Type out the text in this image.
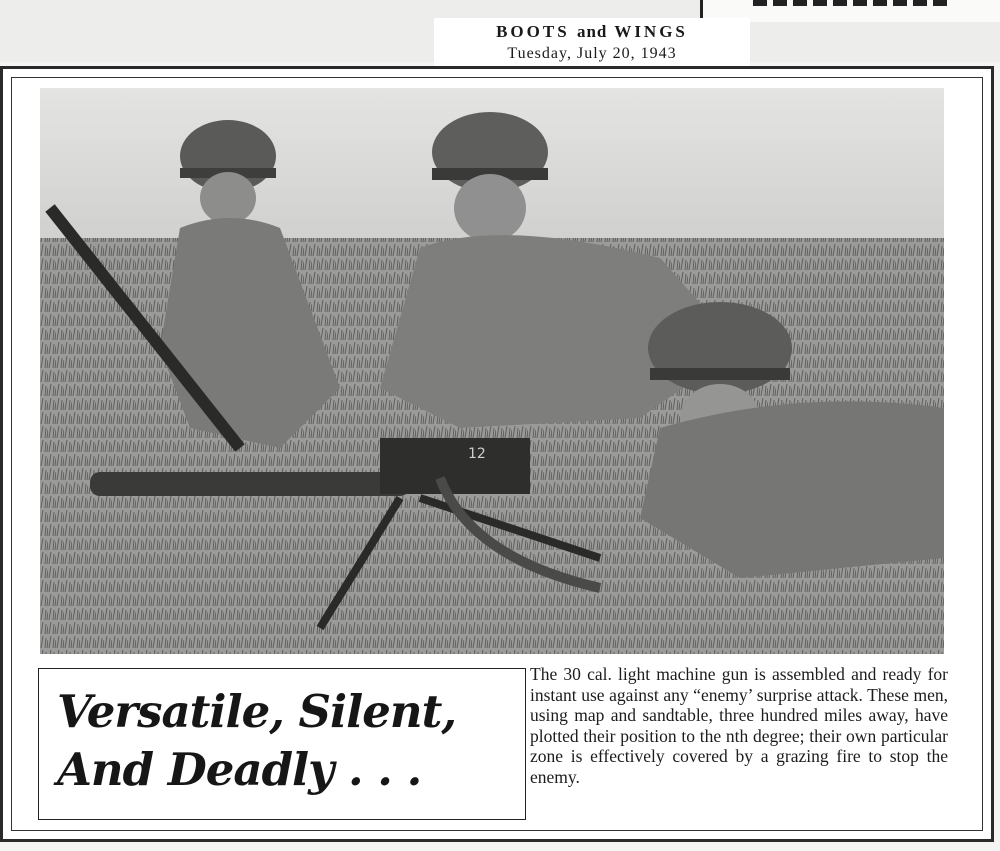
BOOTS and WINGS
Tuesday, July 20, 1943
12
Versatile, Silent,
And Deadly . . .
The 30 cal. light machine gun is assembled and ready for instant use against any “enemy’ surprise attack. These men, using map and sandtable, three hundred miles away, have plotted their position to the nth degree; their own particular zone is effectively covered by a grazing fire to stop the enemy.
